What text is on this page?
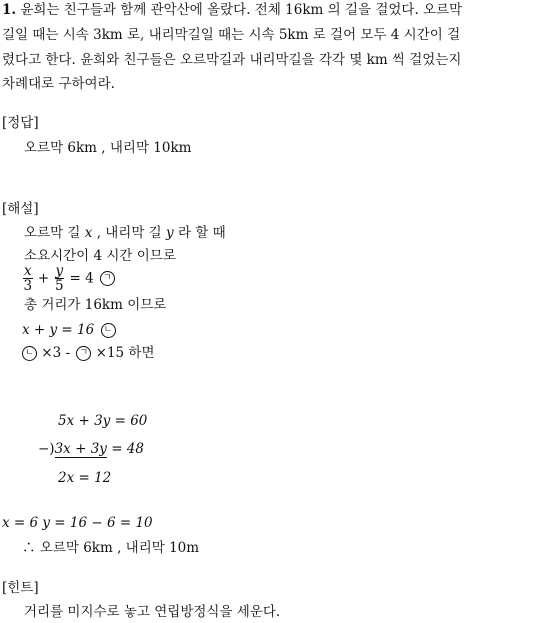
1. 윤희는 친구들과 함께 관악산에 올랐다. 전체 16km 의 길을 걸었다. 오르막
길일 때는 시속 3km 로, 내리막길일 때는 시속 5km 로 걸어 모두 4 시간이 걸
렸다고 한다. 윤희와 친구들은 오르막길과 내리막길을 각각 몇 km 씩 걸었는지
차례대로 구하여라.
[정답]
오르막 6km , 내리막 10km
[해설]
오르막 길 x , 내리막 길 y 라 할 때
소요시간이 4 시간 이므로
$\frac{x}{3} + \frac{y}{5} = 4$ ㄱ
총 거리가 16km 이므로
x + y = 16 ㄴ
ㄴ ×3 - ㄱ ×15 하면
5x + 3y = 60
−)3x + 3y = 48
2x = 12
x = 6 y = 16 − 6 = 10
∴ 오르막 6km , 내리막 10m
[힌트]
거리를 미지수로 놓고 연립방정식을 세운다.
